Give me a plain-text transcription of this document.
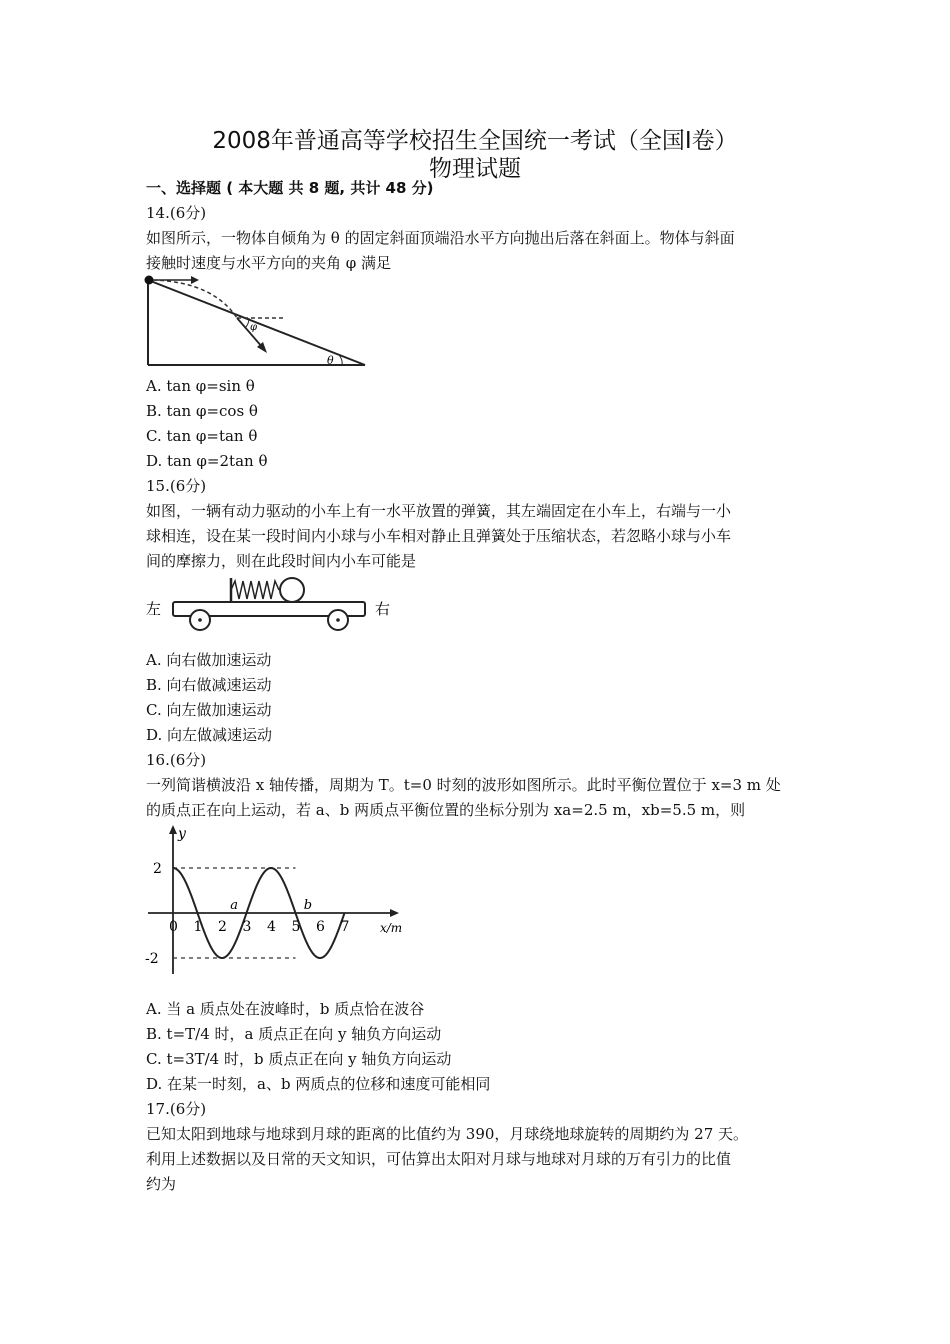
2008年普通高等学校招生全国统一考试（全国Ⅰ卷）
物理试题
一、选择题 ( 本大题 共 8 题, 共计 48 分)
14.(6分)
如图所示，一物体自倾角为 θ 的固定斜面顶端沿水平方向抛出后落在斜面上。物体与斜面
接触时速度与水平方向的夹角 φ 满足
φ
θ
A. tan φ=sin θ
B. tan φ=cos θ
C. tan φ=tan θ
D. tan φ=2tan θ
15.(6分)
如图，一辆有动力驱动的小车上有一水平放置的弹簧，其左端固定在小车上，右端与一小
球相连，设在某一段时间内小球与小车相对静止且弹簧处于压缩状态，若忽略小球与小车
间的摩擦力，则在此段时间内小车可能是
左	右
A. 向右做加速运动
B. 向右做减速运动
C. 向左做加速运动
D. 向左做减速运动
16.(6分)
一列简谐横波沿 x 轴传播，周期为 T。t=0 时刻的波形如图所示。此时平衡位置位于 x=3 m 处
的质点正在向上运动，若 a、b 两质点平衡位置的坐标分别为 xa=2.5 m，xb=5.5 m，则
y
x/m
0 1 2 3 4 5 6 7
2
-2
a	b
A. 当 a 质点处在波峰时，b 质点恰在波谷
B. t=T/4 时，a 质点正在向 y 轴负方向运动
C. t=3T/4 时，b 质点正在向 y 轴负方向运动
D. 在某一时刻，a、b 两质点的位移和速度可能相同
17.(6分)
已知太阳到地球与地球到月球的距离的比值约为 390，月球绕地球旋转的周期约为 27 天。
利用上述数据以及日常的天文知识，可估算出太阳对月球与地球对月球的万有引力的比值
约为
